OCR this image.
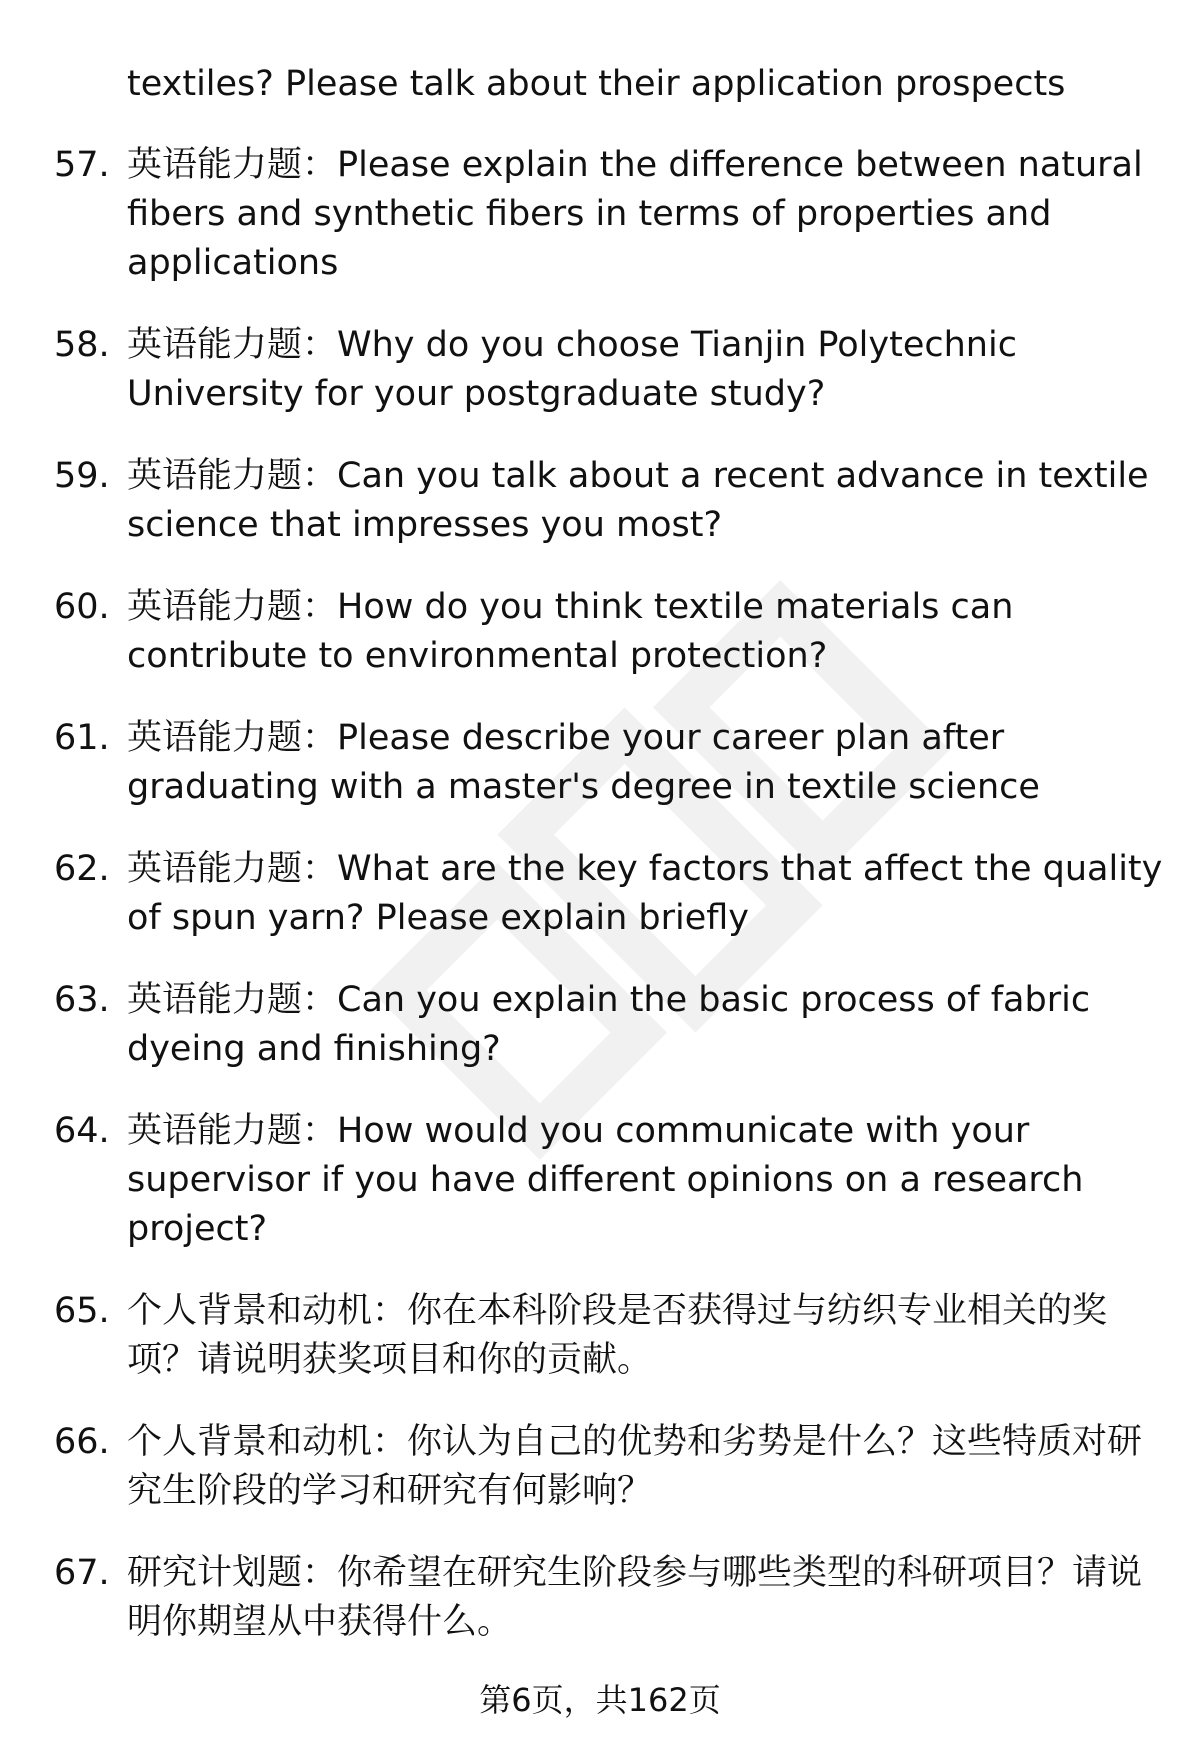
textiles? Please talk about their application prospects
57. 英语能力题：Please explain the difference between natural fibers and synthetic fibers in terms of properties and applications
58. 英语能力题：Why do you choose Tianjin Polytechnic University for your postgraduate study?
59. 英语能力题：Can you talk about a recent advance in textile science that impresses you most?
60. 英语能力题：How do you think textile materials can contribute to environmental protection?
61. 英语能力题：Please describe your career plan after graduating with a master's degree in textile science
62. 英语能力题：What are the key factors that affect the quality of spun yarn? Please explain briefly
63. 英语能力题：Can you explain the basic process of fabric dyeing and finishing?
64. 英语能力题：How would you communicate with your supervisor if you have different opinions on a research project?
65. 个人背景和动机：你在本科阶段是否获得过与纺织专业相关的奖项？请说明获奖项目和你的贡献。
66. 个人背景和动机：你认为自己的优势和劣势是什么？这些特质对研究生阶段的学习和研究有何影响？
67. 研究计划题：你希望在研究生阶段参与哪些类型的科研项目？请说明你期望从中获得什么。
第6页，共162页
